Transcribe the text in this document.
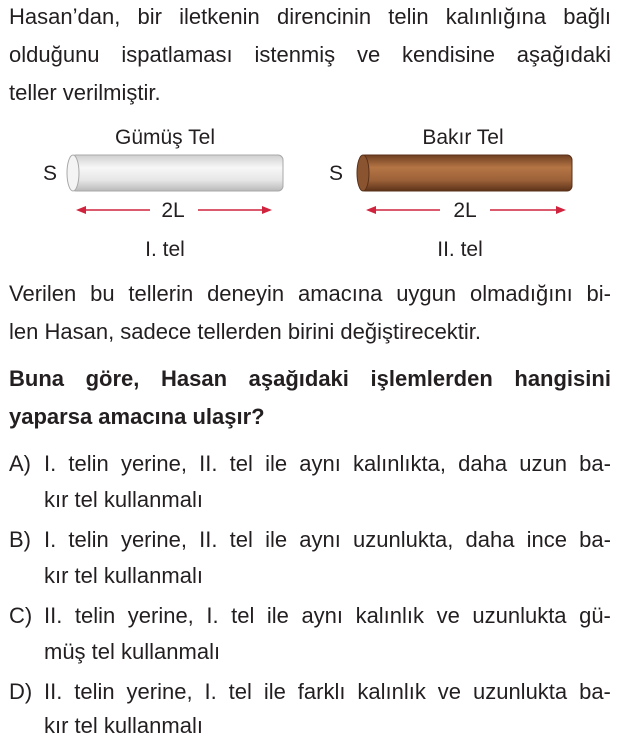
Hasan’dan, bir iletkenin direncinin telin kalınlığına bağlı
olduğunu ispatlaması istenmiş ve kendisine aşağıdaki
teller verilmiştir.
Gümüş Tel	Bakır Tel
S	S
2L	2L
I. tel	II. tel
Verilen bu tellerin deneyin amacına uygun olmadığını bi-
len Hasan, sadece tellerden birini değiştirecektir.
Buna göre, Hasan aşağıdaki işlemlerden hangisini
yaparsa amacına ulaşır?
A) I. telin yerine, II. tel ile aynı kalınlıkta, daha uzun ba-
kır tel kullanmalı
B) I. telin yerine, II. tel ile aynı uzunlukta, daha ince ba-
kır tel kullanmalı
C) II. telin yerine, I. tel ile aynı kalınlık ve uzunlukta gü-
müş tel kullanmalı
D) II. telin yerine, I. tel ile farklı kalınlık ve uzunlukta ba-
kır tel kullanmalı
